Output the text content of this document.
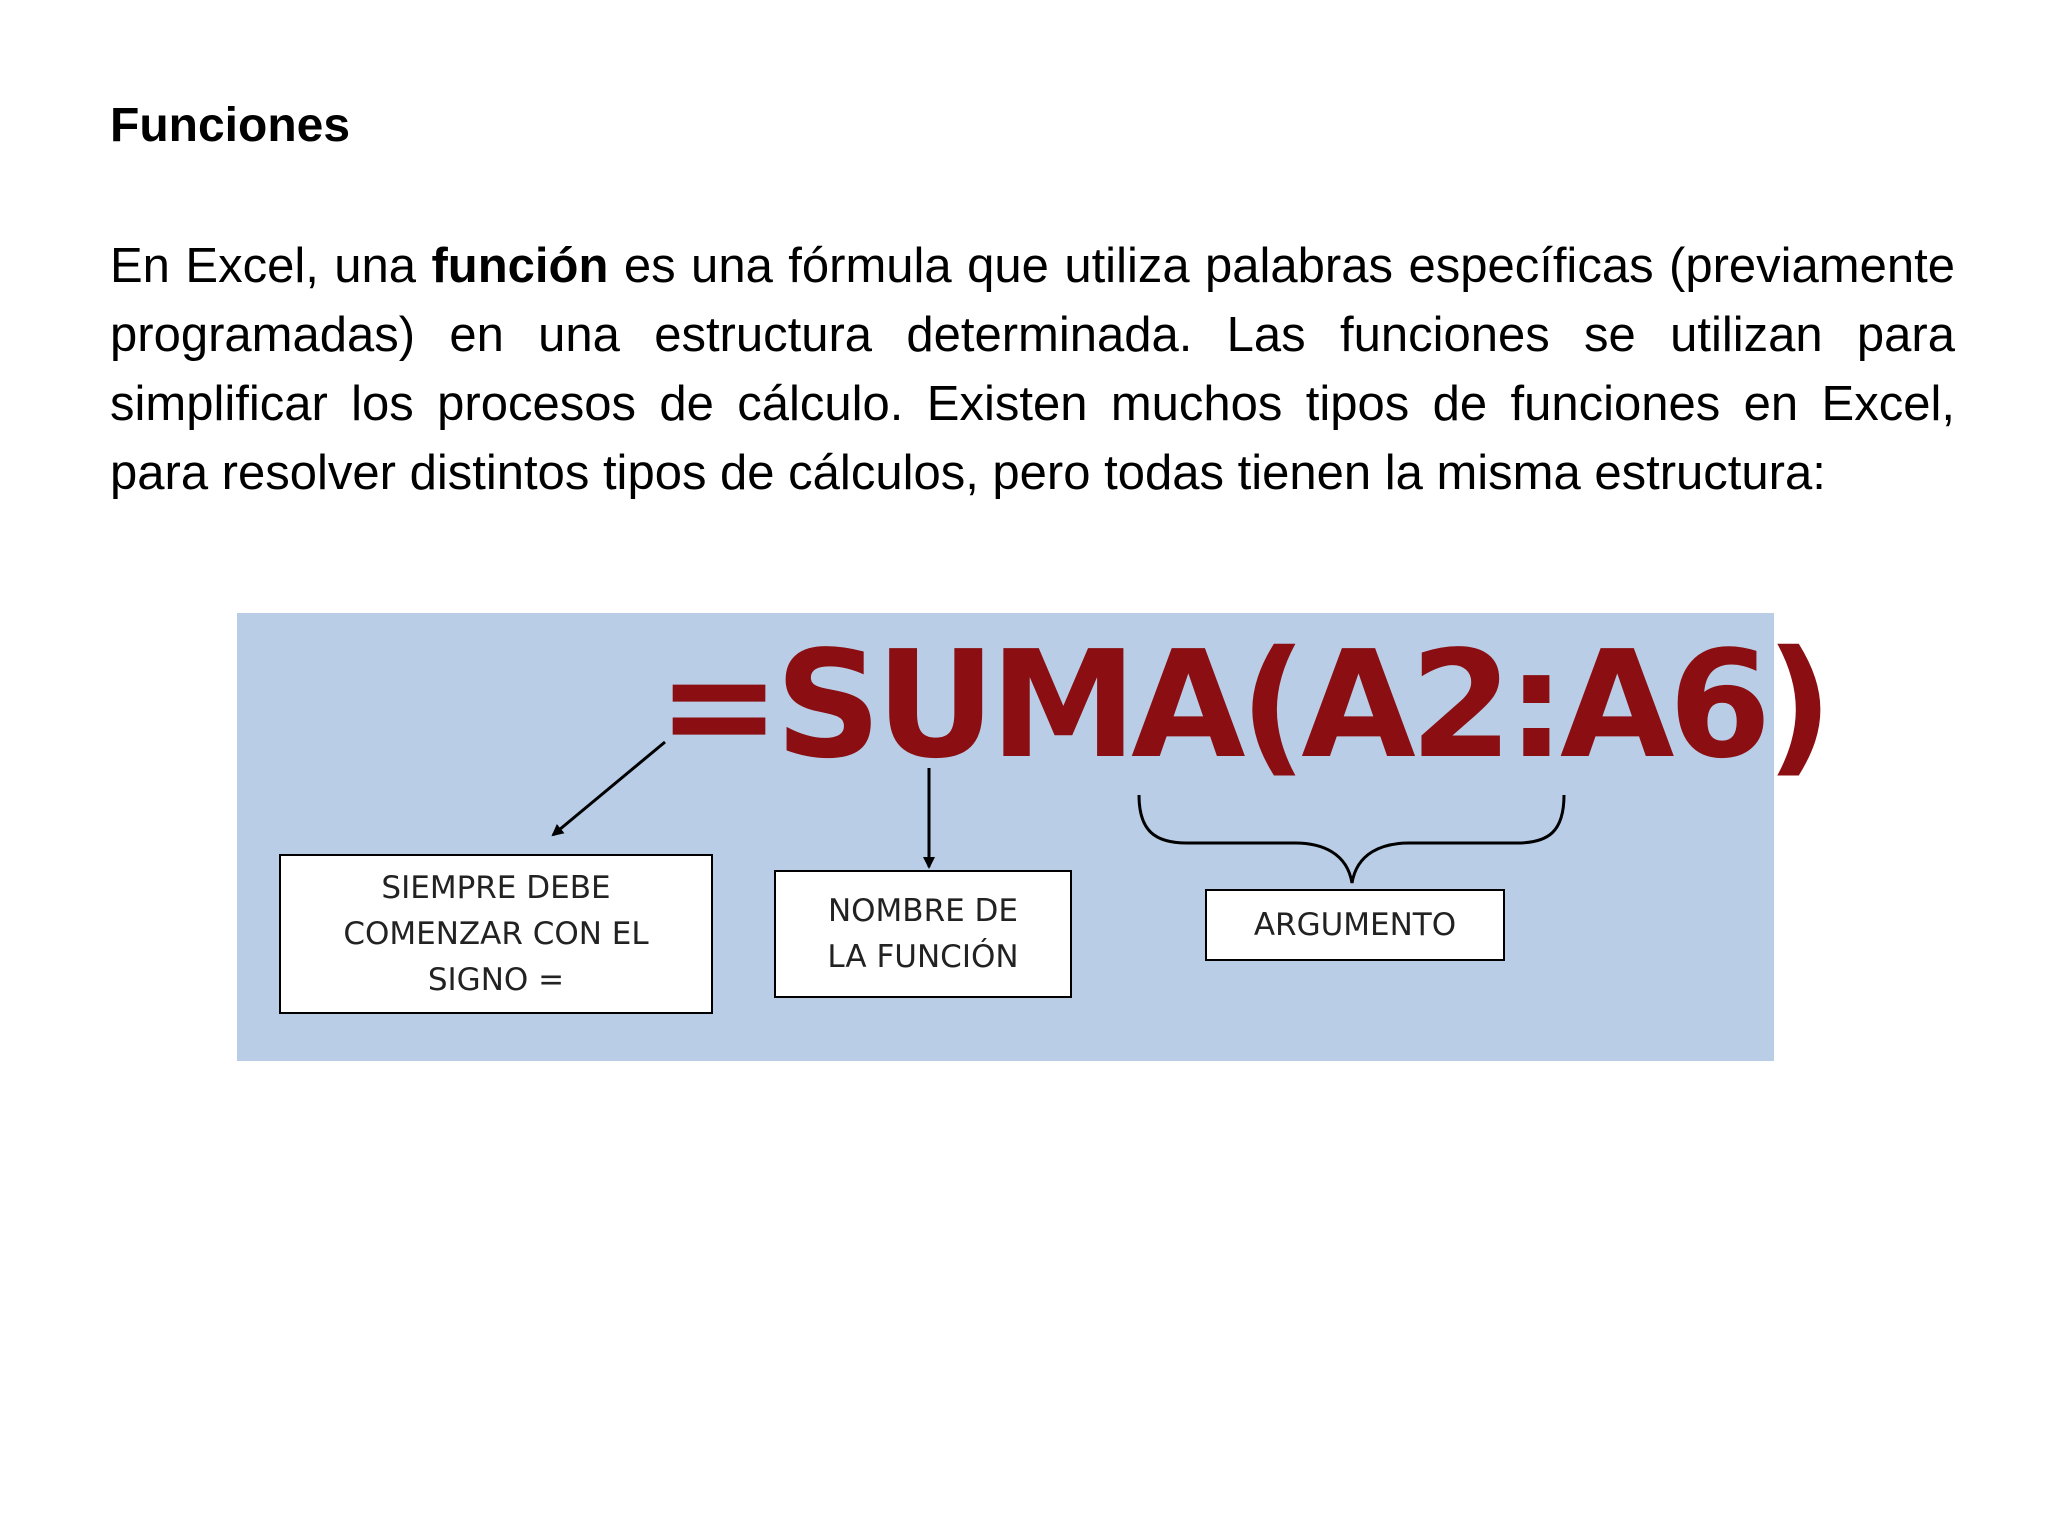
Funciones

En Excel, una función es una fórmula que utiliza palabras específicas (previamente programadas) en una estructura determinada. Las funciones se utilizan para simplificar los procesos de cálculo. Existen muchos tipos de funciones en Excel, para resolver distintos tipos de cálculos, pero todas tienen la misma estructura:

=SUMA(A2:A6)
SIEMPRE DEBE
COMENZAR CON EL
SIGNO =
NOMBRE DE
LA FUNCIÓN
ARGUMENTO
